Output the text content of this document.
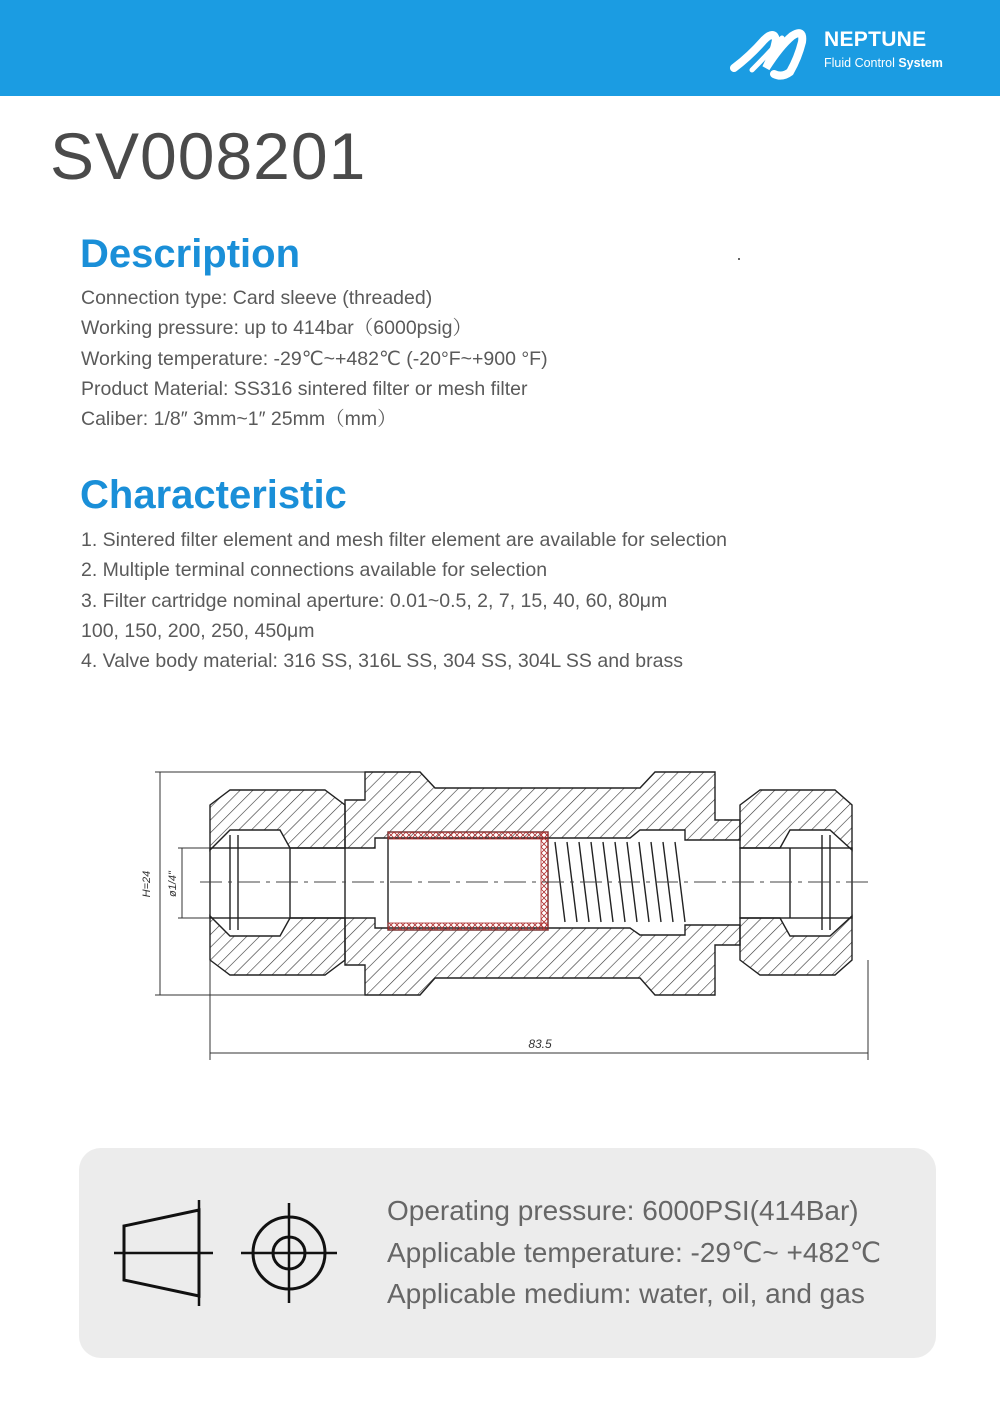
NEPTUNE
Fluid Control System
SV008201
Description
Connection type: Card sleeve (threaded)
Working pressure: up to 414bar（6000psig）
Working temperature: -29℃~+482℃ (-20°F~+900 °F)
Product Material: SS316 sintered filter or mesh filter
Caliber: 1/8″ 3mm~1″ 25mm（mm）
Characteristic
1. Sintered filter element and mesh filter element are available for selection
2. Multiple terminal connections available for selection
3. Filter cartridge nominal aperture: 0.01~0.5, 2, 7, 15, 40, 60, 80μm
100, 150, 200, 250, 450μm
4. Valve body material: 316 SS, 316L SS, 304 SS, 304L SS and brass
H=24 ø1/4"
83.5
Operating pressure: 6000PSI(414Bar)
Applicable temperature: -29℃~ +482℃
Applicable medium: water, oil, and gas
